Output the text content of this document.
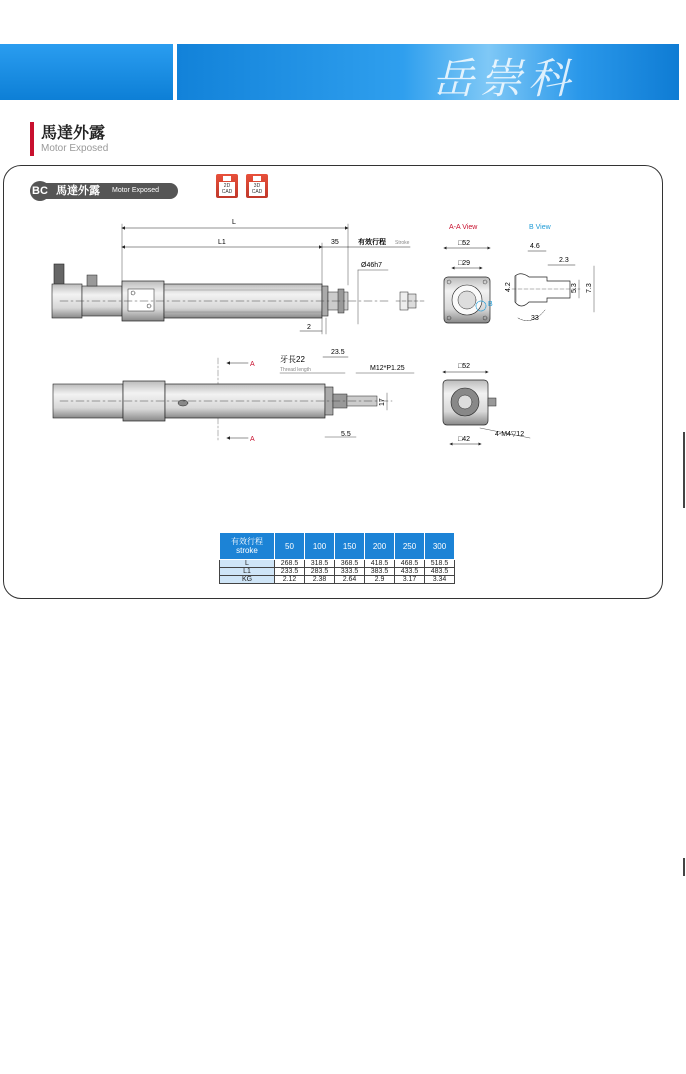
岳崇科
馬達外露
Motor Exposed
馬達外露 Motor Exposed
BC	2D
CAD
3D
CAD
L
L1	35	有效行程 Stroke
Ø46h7
2
A-A View
□52
□29
B
B View
4.6
2.3
4.2	5.3 7.3
33
A
A
23.5
牙長22
Thread length	M12*P1.25
17
5.5
□52
4-M4▽12
□42
有效行程
stroke	50	100	150	200	250	300
L	268.5	318.5	368.5	418.5	468.5	518.5
L1	233.5	283.5	333.5	383.5	433.5	483.5
KG	2.12	2.38	2.64	2.9	3.17	3.34
